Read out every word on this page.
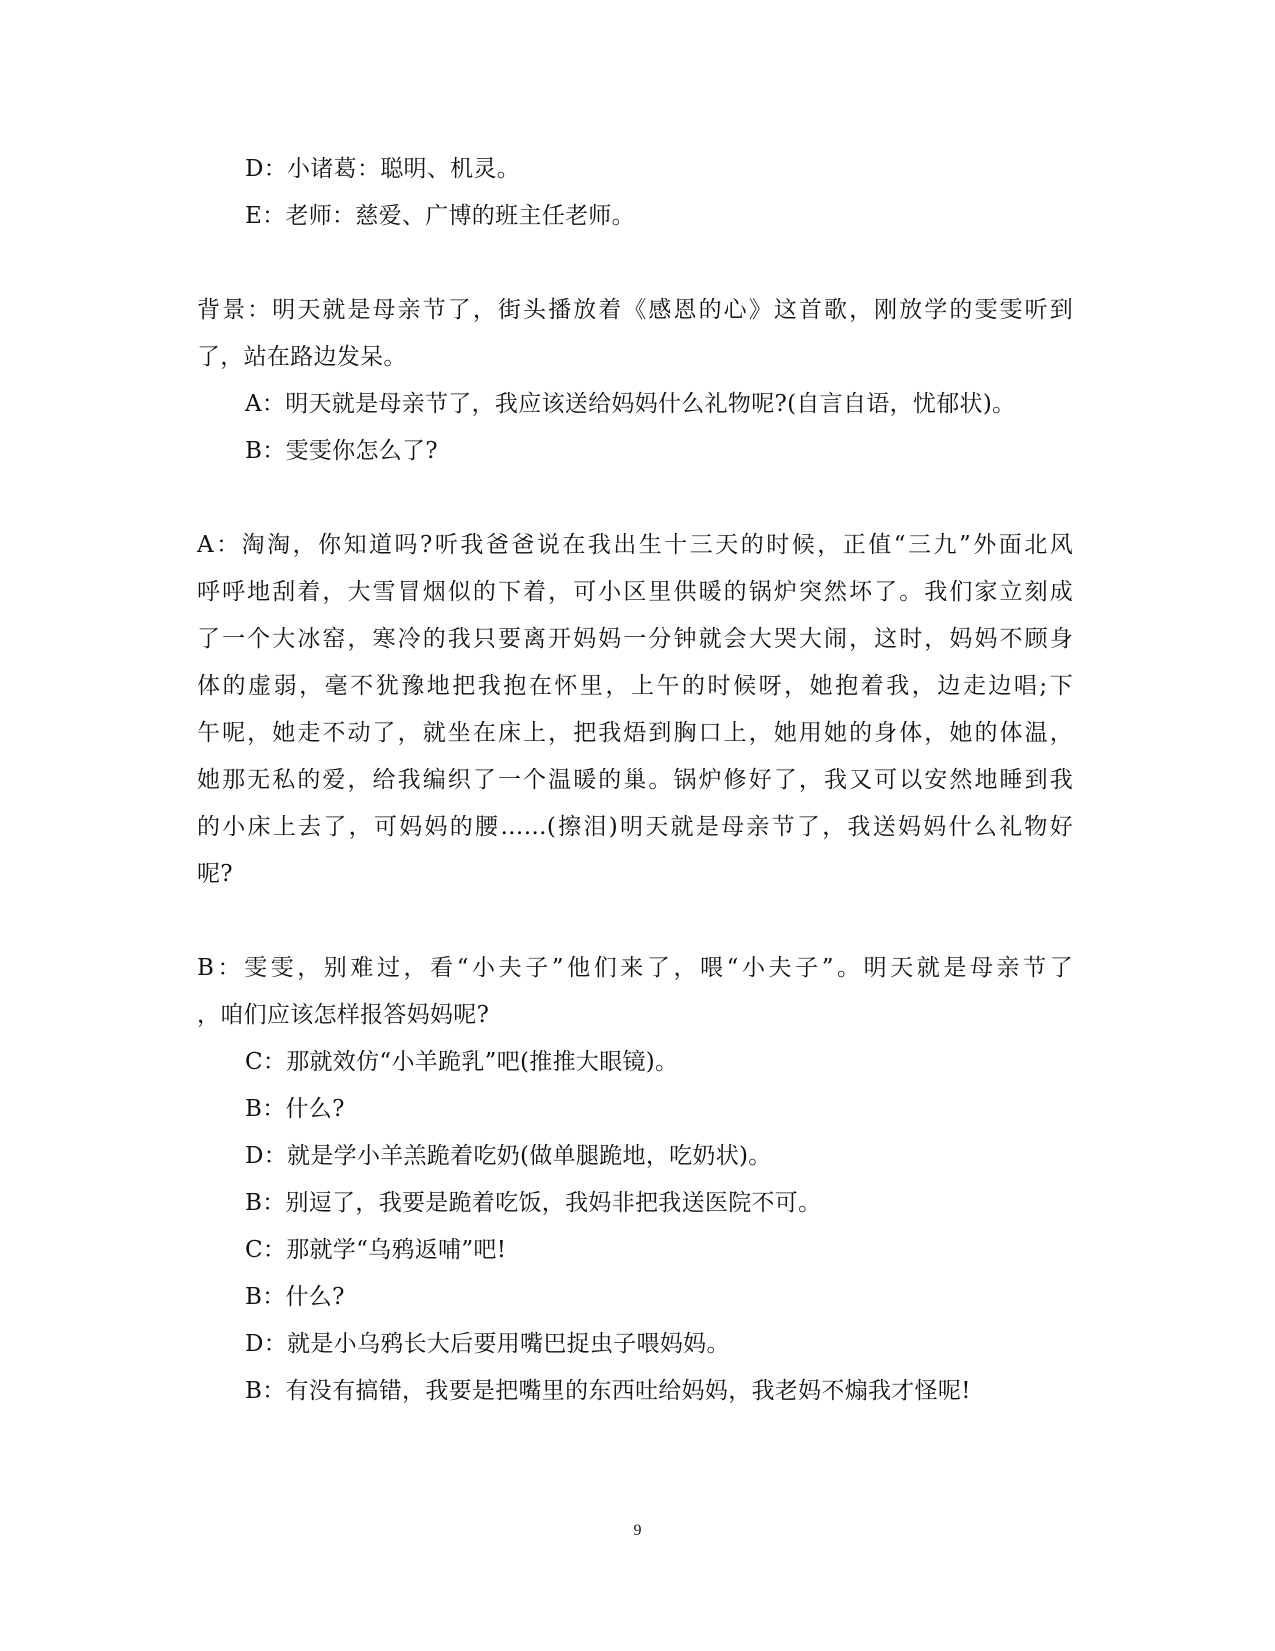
D：小诸葛：聪明、机灵。
E：老师：慈爱、广博的班主任老师。
背景：明天就是母亲节了，街头播放着《感恩的心》这首歌，刚放学的雯雯听到
了，站在路边发呆。
A：明天就是母亲节了，我应该送给妈妈什么礼物呢?(自言自语，忧郁状)。
B：雯雯你怎么了?
A：淘淘，你知道吗?听我爸爸说在我出生十三天的时候，正值“三九”外面北风
呼呼地刮着，大雪冒烟似的下着，可小区里供暖的锅炉突然坏了。我们家立刻成
了一个大冰窑，寒冷的我只要离开妈妈一分钟就会大哭大闹，这时，妈妈不顾身
体的虚弱，毫不犹豫地把我抱在怀里，上午的时候呀，她抱着我，边走边唱;下
午呢，她走不动了，就坐在床上，把我焐到胸口上，她用她的身体，她的体温，
她那无私的爱，给我编织了一个温暖的巢。锅炉修好了，我又可以安然地睡到我
的小床上去了，可妈妈的腰……(擦泪)明天就是母亲节了，我送妈妈什么礼物好
呢?
B：雯雯，别难过，看“小夫子”他们来了，喂“小夫子”。明天就是母亲节了
，咱们应该怎样报答妈妈呢?
C：那就效仿“小羊跪乳”吧(推推大眼镜)。
B：什么?
D：就是学小羊羔跪着吃奶(做单腿跪地，吃奶状)。
B：别逗了，我要是跪着吃饭，我妈非把我送医院不可。
C：那就学“乌鸦返哺”吧!
B：什么?
D：就是小乌鸦长大后要用嘴巴捉虫子喂妈妈。
B：有没有搞错，我要是把嘴里的东西吐给妈妈，我老妈不煽我才怪呢!
9
